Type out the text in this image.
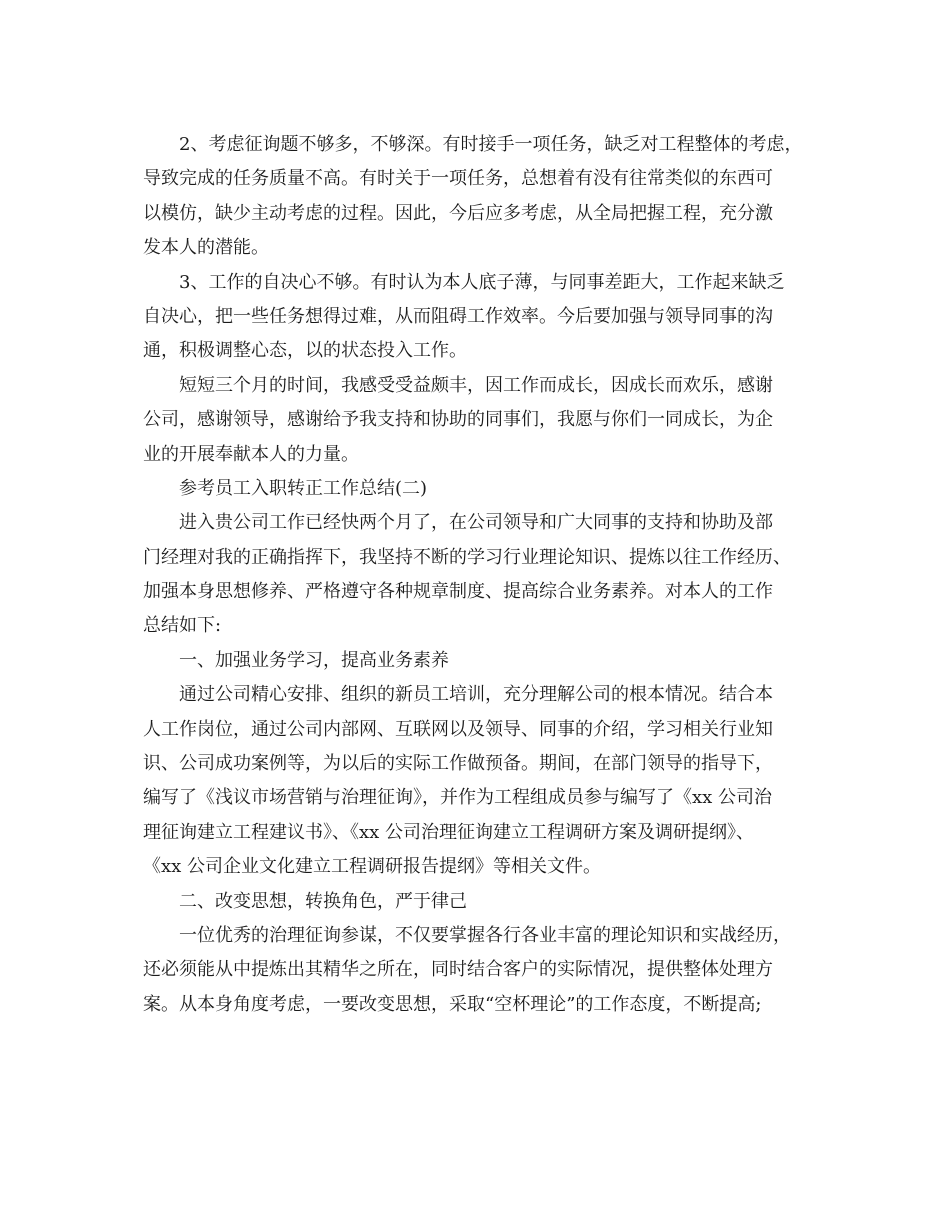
2、考虑征询题不够多，不够深。有时接手一项任务，缺乏对工程整体的考虑，
导致完成的任务质量不高。有时关于一项任务，总想着有没有往常类似的东西可
以模仿，缺少主动考虑的过程。因此，今后应多考虑，从全局把握工程，充分激
发本人的潜能。
3、工作的自决心不够。有时认为本人底子薄，与同事差距大，工作起来缺乏
自决心，把一些任务想得过难，从而阻碍工作效率。今后要加强与领导同事的沟
通，积极调整心态，以的状态投入工作。
短短三个月的时间，我感受受益颇丰，因工作而成长，因成长而欢乐，感谢
公司，感谢领导，感谢给予我支持和协助的同事们，我愿与你们一同成长，为企
业的开展奉献本人的力量。
参考员工入职转正工作总结(二)
进入贵公司工作已经快两个月了，在公司领导和广大同事的支持和协助及部
门经理对我的正确指挥下，我坚持不断的学习行业理论知识、提炼以往工作经历、
加强本身思想修养、严格遵守各种规章制度、提高综合业务素养。对本人的工作
总结如下:
一、加强业务学习，提高业务素养
通过公司精心安排、组织的新员工培训，充分理解公司的根本情况。结合本
人工作岗位，通过公司内部网、互联网以及领导、同事的介绍，学习相关行业知
识、公司成功案例等，为以后的实际工作做预备。期间，在部门领导的指导下，
编写了《浅议市场营销与治理征询》，并作为工程组成员参与编写了《xx 公司治
理征询建立工程建议书》、《xx 公司治理征询建立工程调研方案及调研提纲》、
《xx 公司企业文化建立工程调研报告提纲》等相关文件。
二、改变思想，转换角色，严于律己
一位优秀的治理征询参谋，不仅要掌握各行各业丰富的理论知识和实战经历，
还必须能从中提炼出其精华之所在，同时结合客户的实际情况，提供整体处理方
案。从本身角度考虑，一要改变思想，采取“空杯理论”的工作态度，不断提高;
